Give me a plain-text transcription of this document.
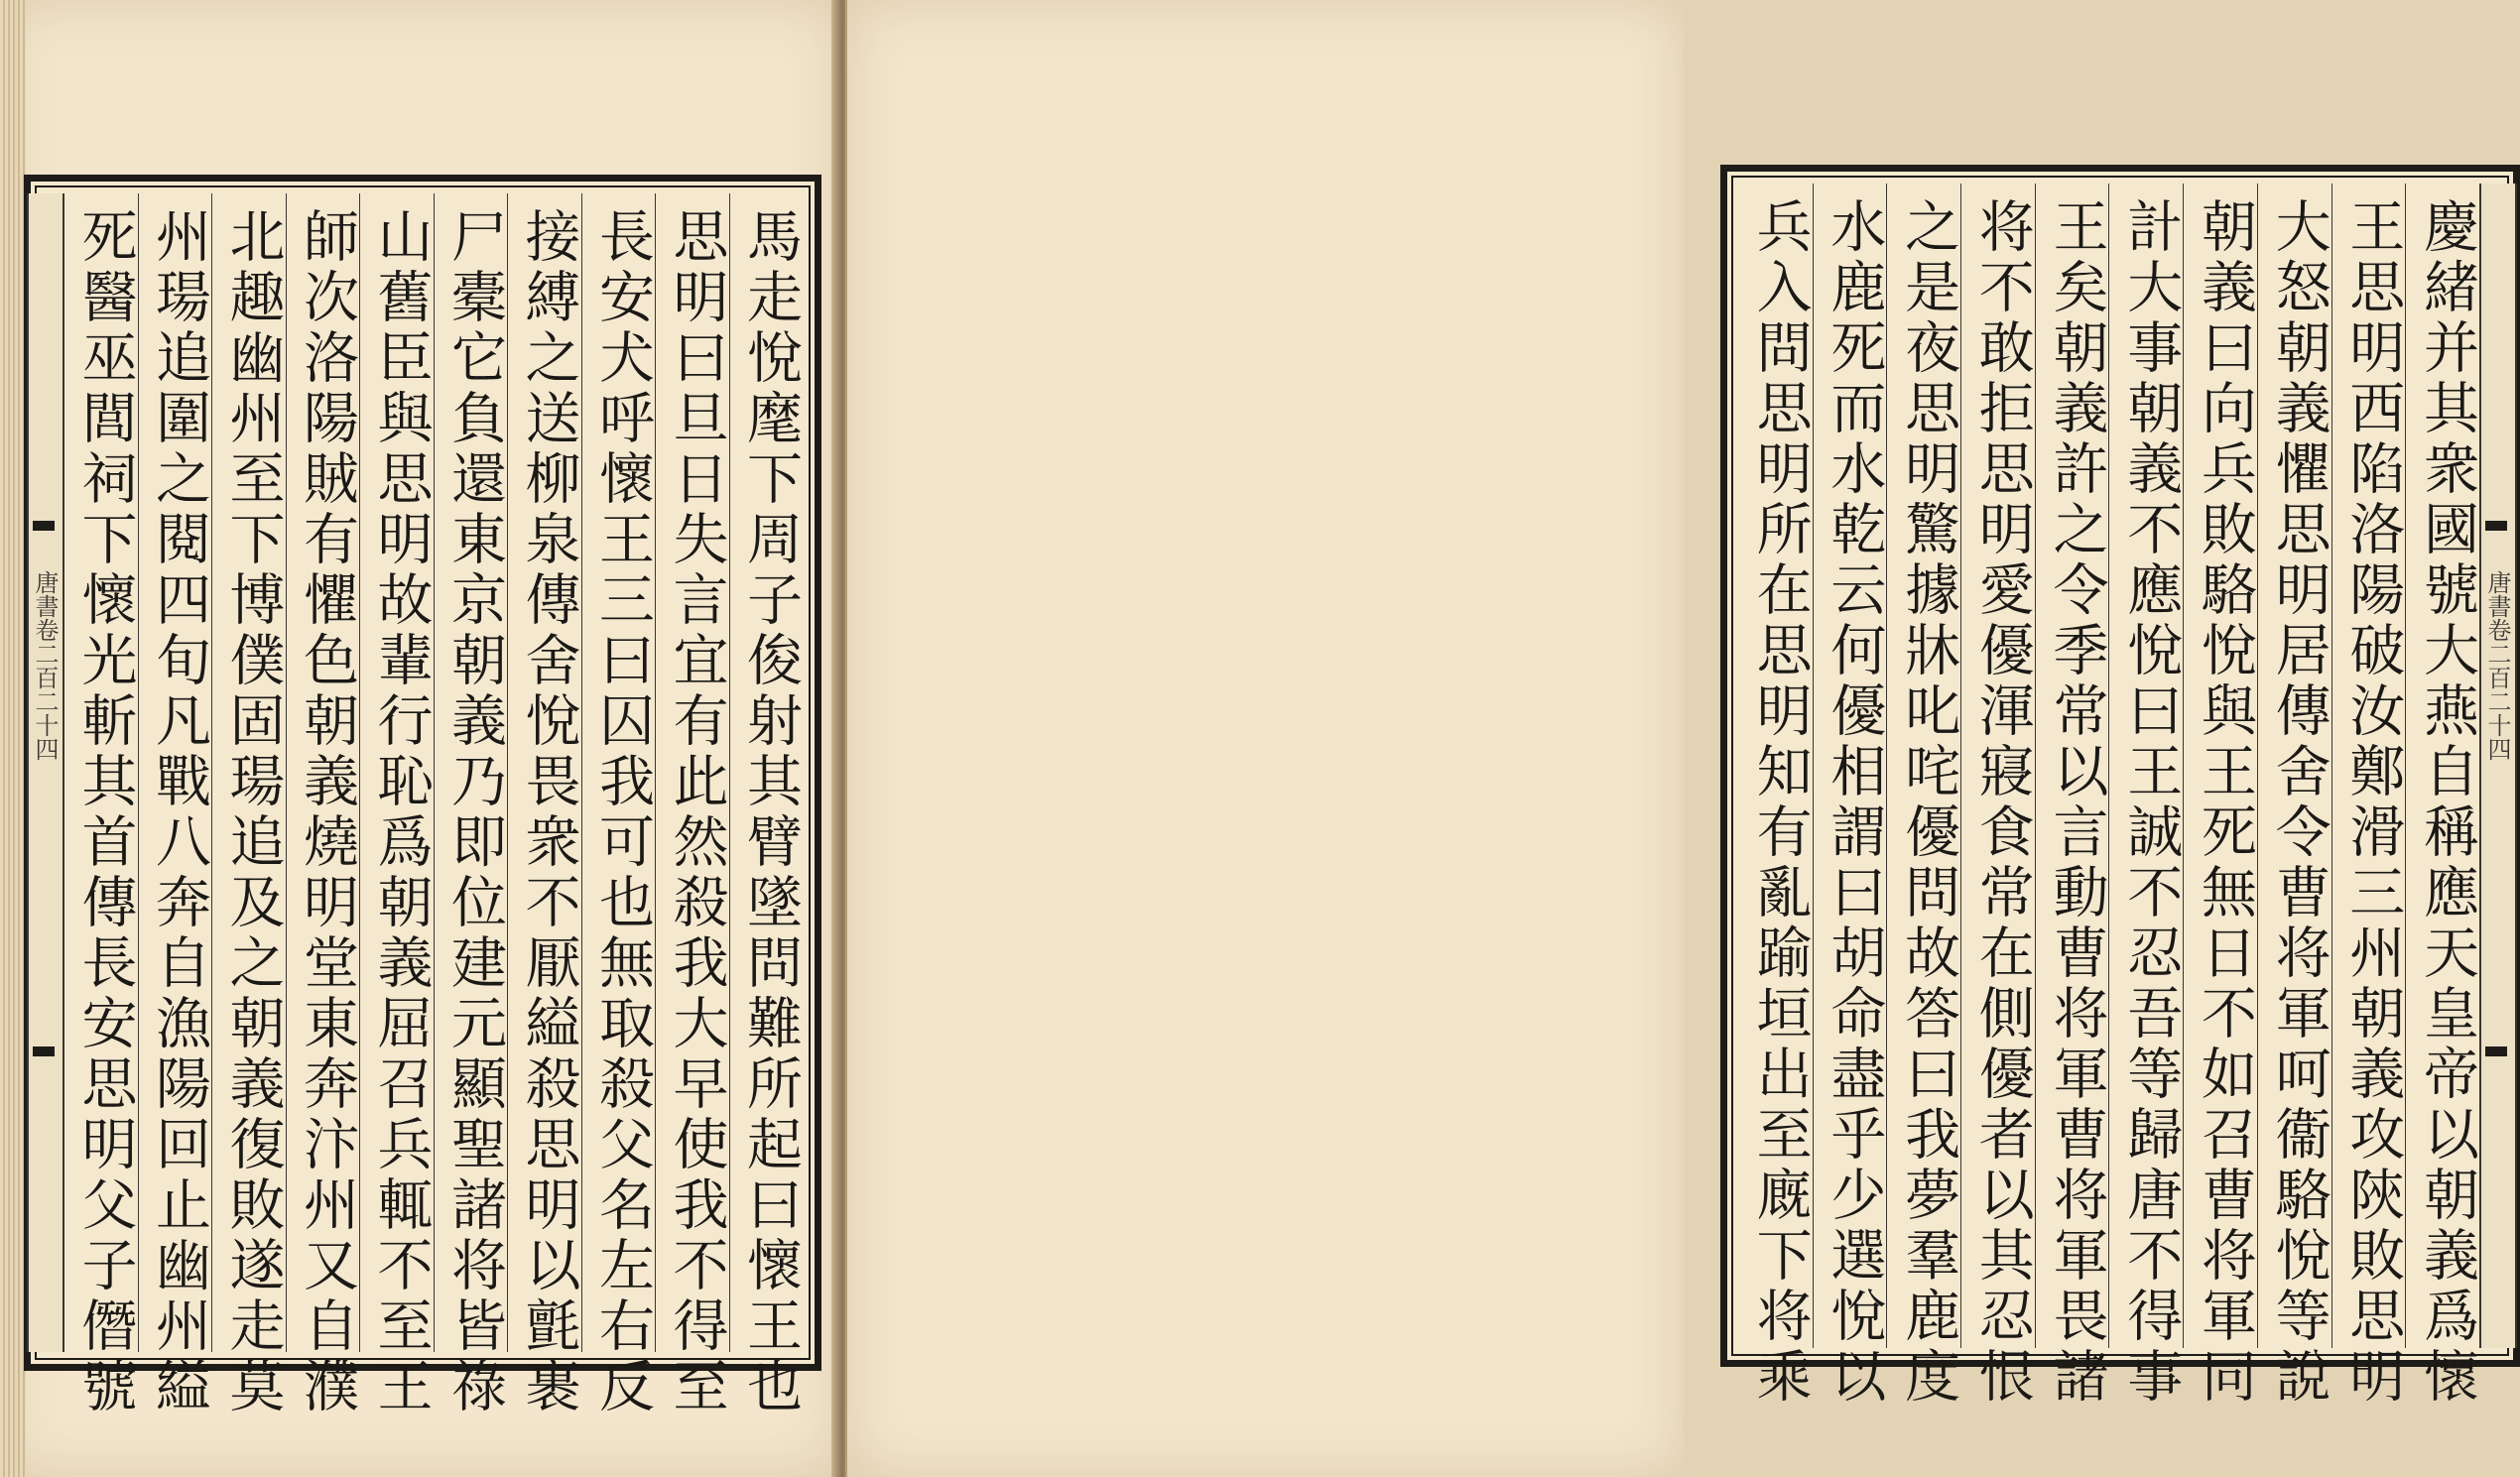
唐書卷二百二十四	馬走悅麾下周子俊射其臂墜問難所起曰懷王也
思明曰旦日失言宜有此然殺我大早使我不得至
長安犬呼懷王三曰囚我可也無取殺父名左右反
接縛之送柳泉傳舍悅畏衆不厭縊殺思明以氈裹
尸橐它負還東京朝義乃即位建元顯聖諸将皆祿
山舊臣與思明故輩行恥爲朝義屈召兵輒不至王
師次洛陽賊有懼色朝義燒明堂東奔汴州又自濮
北趣幽州至下博僕固瑒追及之朝義復敗遂走莫
州瑒追圍之閱四旬凡戰八奔自漁陽回止幽州縊
死醫巫閭祠下懷光斬其首傳長安思明父子僭號	唐書卷二百二十四
慶緒并其衆國號大燕自稱應天皇帝以朝義爲懷
王思明西陷洛陽破汝鄭滑三州朝義攻陝敗思明
大怒朝義懼思明居傳舍令曹将軍呵衞駱悅等說
朝義曰向兵敗駱悅與王死無日不如召曹将軍同
計大事朝義不應悅曰王誠不忍吾等歸唐不得事
王矣朝義許之令季常以言動曹将軍曹将軍畏諸
将不敢拒思明愛優渾寢食常在側優者以其忍恨
之是夜思明驚據牀叱咤優問故答曰我夢羣鹿度
水鹿死而水乾云何優相謂曰胡命盡乎少選悅以
兵入問思明所在思明知有亂踰垣出至廐下将乘
